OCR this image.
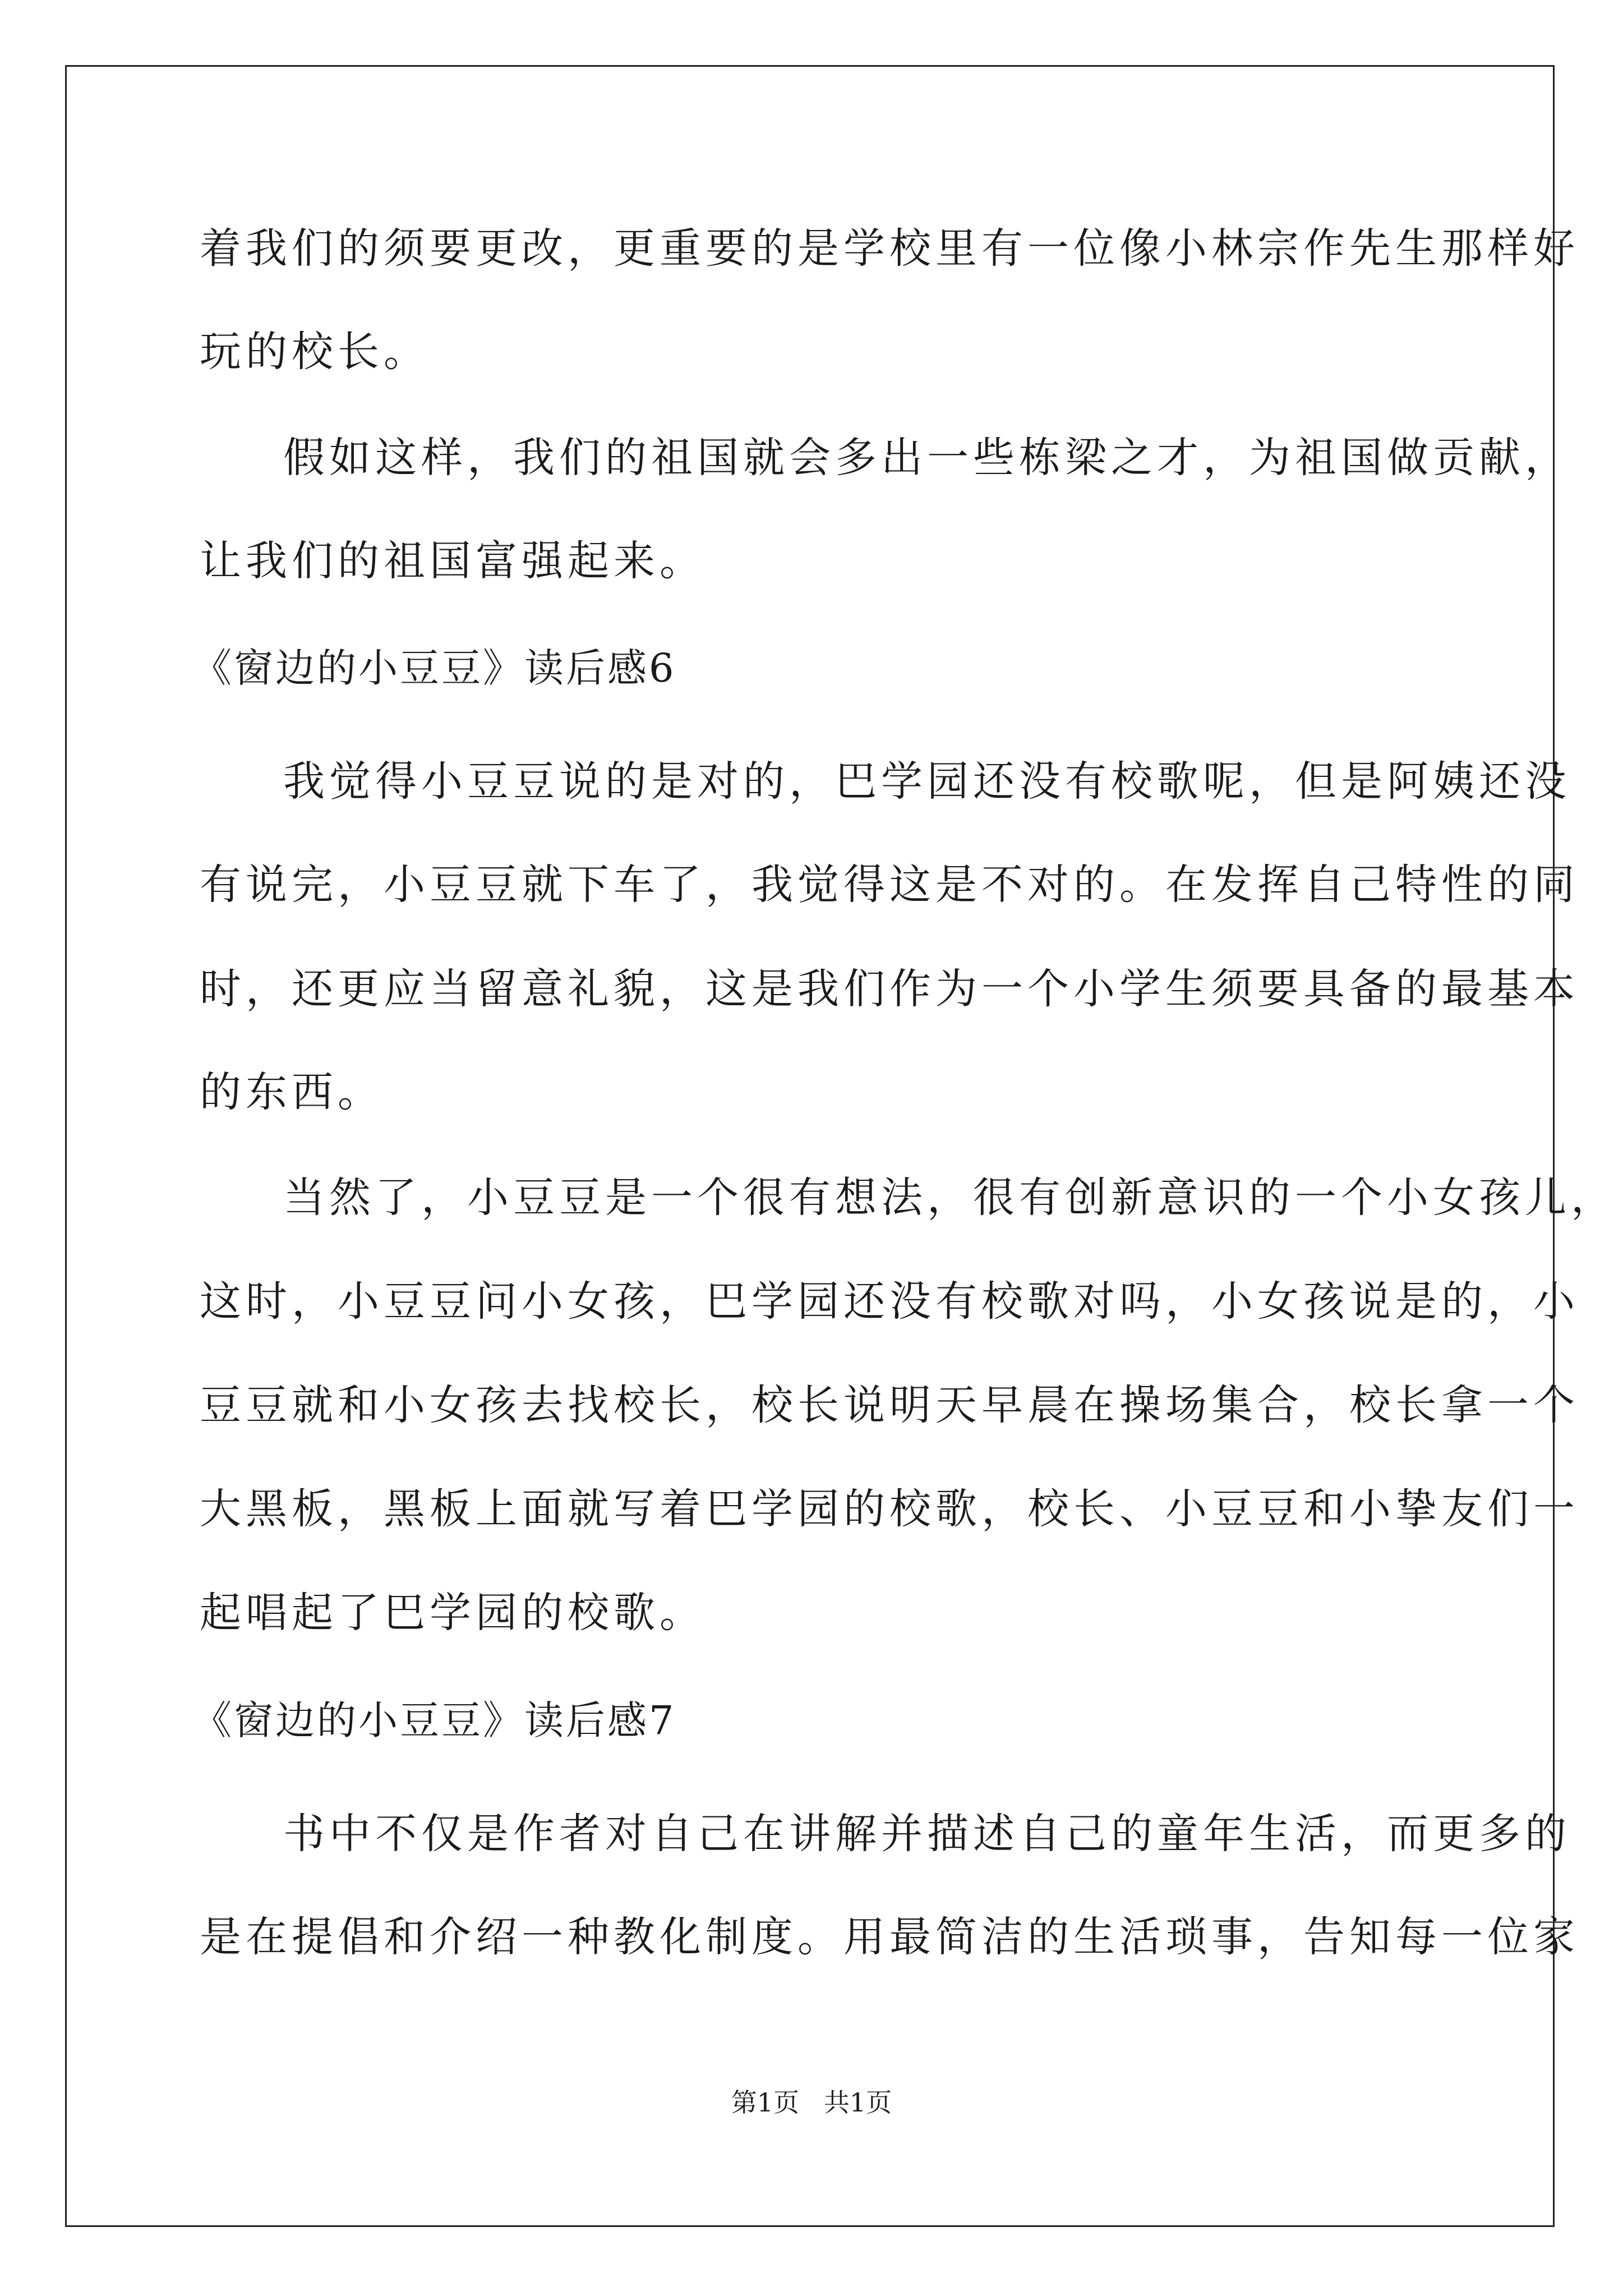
着我们的须要更改，更重要的是学校里有一位像小林宗作先生那样好
玩的校长。
假如这样，我们的祖国就会多出一些栋梁之才，为祖国做贡献，
让我们的祖国富强起来。
《窗边的小豆豆》读后感6
我觉得小豆豆说的是对的，巴学园还没有校歌呢，但是阿姨还没
有说完，小豆豆就下车了，我觉得这是不对的。在发挥自己特性的同
时，还更应当留意礼貌，这是我们作为一个小学生须要具备的最基本
的东西。
当然了，小豆豆是一个很有想法，很有创新意识的一个小女孩儿，
这时，小豆豆问小女孩，巴学园还没有校歌对吗，小女孩说是的，小
豆豆就和小女孩去找校长，校长说明天早晨在操场集合，校长拿一个
大黑板，黑板上面就写着巴学园的校歌，校长、小豆豆和小挚友们一
起唱起了巴学园的校歌。
《窗边的小豆豆》读后感7
书中不仅是作者对自己在讲解并描述自己的童年生活，而更多的
是在提倡和介绍一种教化制度。用最简洁的生活琐事，告知每一位家
第1页   共1页
